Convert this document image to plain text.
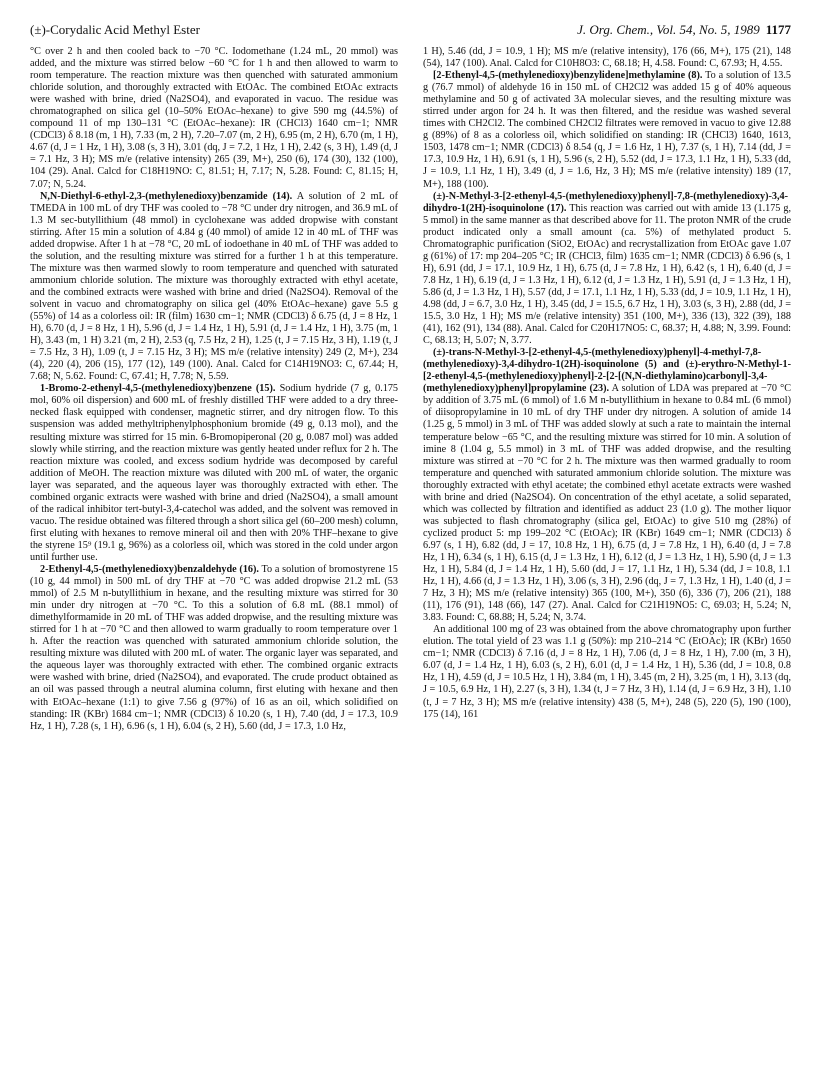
(±)-Corydalic Acid Methyl Ester	J. Org. Chem., Vol. 54, No. 5, 1989 1177

°C over 2 h and then cooled back to −70 °C. Iodomethane (1.24 mL, 20 mmol) was added, and the mixture was stirred below −60 °C for 1 h and then allowed to warm to room temperature. The reaction mixture was then quenched with saturated ammonium chloride solution, and thoroughly extracted with EtOAc. The combined EtOAc extracts were washed with brine, dried (Na2SO4), and evaporated in vacuo. The residue was chromatographed on silica gel (10–50% EtOAc–hexane) to give 590 mg (44.5%) of compound 11 of mp 130–131 °C (EtOAc–hexane): IR (CHCl3) 1640 cm−1; NMR (CDCl3) δ 8.18 (m, 1 H), 7.33 (m, 2 H), 7.20–7.07 (m, 2 H), 6.95 (m, 2 H), 6.70 (m, 1 H), 4.67 (d, J = 1 Hz, 1 H), 3.08 (s, 3 H), 3.01 (dq, J = 7.2, 1 Hz, 1 H), 2.42 (s, 3 H), 1.49 (d, J = 7.1 Hz, 3 H); MS m/e (relative intensity) 265 (39, M+), 250 (6), 174 (30), 132 (100), 104 (29). Anal. Calcd for C18H19NO: C, 81.51; H, 7.17; N, 5.28. Found: C, 81.15; H, 7.07; N, 5.24.

N,N-Diethyl-6-ethyl-2,3-(methylenedioxy)benzamide (14). A solution of 2 mL of TMEDA in 100 mL of dry THF was cooled to −78 °C under dry nitrogen, and 36.9 mL of 1.3 M sec-butyllithium (48 mmol) in cyclohexane was added dropwise with constant stirring. After 15 min a solution of 4.84 g (40 mmol) of amide 12 in 40 mL of THF was added dropwise. After 1 h at −78 °C, 20 mL of iodoethane in 40 mL of THF was added to the solution, and the resulting mixture was stirred for a further 1 h at this temperature. The mixture was then warmed slowly to room temperature and quenched with saturated ammonium chloride solution. The mixture was thoroughly extracted with ethyl acetate, and the combined extracts were washed with brine and dried (Na2SO4). Removal of the solvent in vacuo and chromatography on silica gel (40% EtOAc–hexane) gave 5.5 g (55%) of 14 as a colorless oil: IR (film) 1630 cm−1; NMR (CDCl3) δ 6.75 (d, J = 8 Hz, 1 H), 6.70 (d, J = 8 Hz, 1 H), 5.96 (d, J = 1.4 Hz, 1 H), 5.91 (d, J = 1.4 Hz, 1 H), 3.75 (m, 1 H), 3.43 (m, 1 H) 3.21 (m, 2 H), 2.53 (q, 7.5 Hz, 2 H), 1.25 (t, J = 7.15 Hz, 3 H), 1.19 (t, J = 7.5 Hz, 3 H), 1.09 (t, J = 7.15 Hz, 3 H); MS m/e (relative intensity) 249 (2, M+), 234 (4), 220 (4), 206 (15), 177 (12), 149 (100). Anal. Calcd for C14H19NO3: C, 67.44; H, 7.68; N, 5.62. Found: C, 67.41; H, 7.78; N, 5.59.

1-Bromo-2-ethenyl-4,5-(methylenedioxy)benzene (15). Sodium hydride (7 g, 0.175 mol, 60% oil dispersion) and 600 mL of freshly distilled THF were added to a dry three-necked flask equipped with condenser, magnetic stirrer, and dry nitrogen flow. To this suspension was added methyltriphenylphosphonium bromide (49 g, 0.13 mol), and the resulting mixture was stirred for 15 min. 6-Bromopiperonal (20 g, 0.087 mol) was added slowly while stirring, and the reaction mixture was gently heated under reflux for 2 h. The reaction mixture was cooled, and excess sodium hydride was decomposed by careful addition of MeOH. The reaction mixture was diluted with 200 mL of water, the organic layer was separated, and the aqueous layer was thoroughly extracted with ether. The combined organic extracts were washed with brine and dried (Na2SO4), a small amount of the radical inhibitor tert-butyl-3,4-catechol was added, and the solvent was removed in vacuo. The residue obtained was filtered through a short silica gel (60–200 mesh) column, first eluting with hexanes to remove mineral oil and then with 20% THF–hexane to give the styrene 15⁹ (19.1 g, 96%) as a colorless oil, which was stored in the cold under argon until further use.

2-Ethenyl-4,5-(methylenedioxy)benzaldehyde (16). To a solution of bromostyrene 15 (10 g, 44 mmol) in 500 mL of dry THF at −70 °C was added dropwise 21.2 mL (53 mmol) of 2.5 M n-butyllithium in hexane, and the resulting mixture was stirred for 30 min under dry nitrogen at −70 °C. To this a solution of 6.8 mL (88.1 mmol) of dimethylformamide in 20 mL of THF was added dropwise, and the resulting mixture was stirred for 1 h at −70 °C and then allowed to warm gradually to room temperature over 1 h. After the reaction was quenched with saturated ammonium chloride solution, the resulting mixture was diluted with 200 mL of water. The organic layer was separated, and the aqueous layer was thoroughly extracted with ether. The combined organic extracts were washed with brine, dried (Na2SO4), and evaporated. The crude product obtained as an oil was passed through a neutral alumina column, first eluting with hexane and then with EtOAc–hexane (1:1) to give 7.56 g (97%) of 16 as an oil, which solidified on standing: IR (KBr) 1684 cm−1; NMR (CDCl3) δ 10.20 (s, 1 H), 7.40 (dd, J = 17.3, 10.9 Hz, 1 H), 7.28 (s, 1 H), 6.96 (s, 1 H), 6.04 (s, 2 H), 5.60 (dd, J = 17.3, 1.0 Hz,

1 H), 5.46 (dd, J = 10.9, 1 H); MS m/e (relative intensity), 176 (66, M+), 175 (21), 148 (54), 147 (100). Anal. Calcd for C10H8O3: C, 68.18; H, 4.58. Found: C, 67.93; H, 4.55.

[2-Ethenyl-4,5-(methylenedioxy)benzylidene]methylamine (8). To a solution of 13.5 g (76.7 mmol) of aldehyde 16 in 150 mL of CH2Cl2 was added 15 g of 40% aqueous methylamine and 50 g of activated 3A molecular sieves, and the resulting mixture was stirred under argon for 24 h. It was then filtered, and the residue was washed several times with CH2Cl2. The combined CH2Cl2 filtrates were removed in vacuo to give 12.88 g (89%) of 8 as a colorless oil, which solidified on standing: IR (CHCl3) 1640, 1613, 1503, 1478 cm−1; NMR (CDCl3) δ 8.54 (q, J = 1.6 Hz, 1 H), 7.37 (s, 1 H), 7.14 (dd, J = 17.3, 10.9 Hz, 1 H), 6.91 (s, 1 H), 5.96 (s, 2 H), 5.52 (dd, J = 17.3, 1.1 Hz, 1 H), 5.33 (dd, J = 10.9, 1.1 Hz, 1 H), 3.49 (d, J = 1.6, Hz, 3 H); MS m/e (relative intensity) 189 (17, M+), 188 (100).

(±)-N-Methyl-3-[2-ethenyl-4,5-(methylenedioxy)phenyl]-7,8-(methylenedioxy)-3,4-dihydro-1(2H)-isoquinolone (17). This reaction was carried out with amide 13 (1.175 g, 5 mmol) in the same manner as that described above for 11. The proton NMR of the crude product indicated only a small amount (ca. 5%) of methylated product 5. Chromatographic purification (SiO2, EtOAc) and recrystallization from EtOAc gave 1.07 g (61%) of 17: mp 204–205 °C; IR (CHCl3, film) 1635 cm−1; NMR (CDCl3) δ 6.96 (s, 1 H), 6.91 (dd, J = 17.1, 10.9 Hz, 1 H), 6.75 (d, J = 7.8 Hz, 1 H), 6.42 (s, 1 H), 6.40 (d, J = 7.8 Hz, 1 H), 6.19 (d, J = 1.3 Hz, 1 H), 6.12 (d, J = 1.3 Hz, 1 H), 5.91 (d, J = 1.3 Hz, 1 H), 5.86 (d, J = 1.3 Hz, 1 H), 5.57 (dd, J = 17.1, 1.1 Hz, 1 H), 5.33 (dd, J = 10.9, 1.1 Hz, 1 H), 4.98 (dd, J = 6.7, 3.0 Hz, 1 H), 3.45 (dd, J = 15.5, 6.7 Hz, 1 H), 3.03 (s, 3 H), 2.88 (dd, J = 15.5, 3.0 Hz, 1 H); MS m/e (relative intensity) 351 (100, M+), 336 (13), 322 (39), 188 (41), 162 (91), 134 (88). Anal. Calcd for C20H17NO5: C, 68.37; H, 4.88; N, 3.99. Found: C, 68.13; H, 5.07; N, 3.77.

(±)-trans-N-Methyl-3-[2-ethenyl-4,5-(methylenedioxy)phenyl]-4-methyl-7,8-(methylenedioxy)-3,4-dihydro-1(2H)-isoquinolone (5) and (±)-erythro-N-Methyl-1-[2-ethenyl-4,5-(methylenedioxy)phenyl]-2-[2-[(N,N-diethylamino)carbonyl]-3,4-(methylenedioxy)phenyl]propylamine (23). A solution of LDA was prepared at −70 °C by addition of 3.75 mL (6 mmol) of 1.6 M n-butyllithium in hexane to 0.84 mL (6 mmol) of diisopropylamine in 10 mL of dry THF under dry nitrogen. A solution of amide 14 (1.25 g, 5 mmol) in 3 mL of THF was added slowly at such a rate to maintain the internal temperature below −65 °C, and the resulting mixture was stirred for 10 min. A solution of imine 8 (1.04 g, 5.5 mmol) in 3 mL of THF was added dropwise, and the resulting mixture was stirred at −70 °C for 2 h. The mixture was then warmed gradually to room temperature and quenched with saturated ammonium chloride solution. The mixture was thoroughly extracted with ethyl acetate; the combined ethyl acetate extracts were washed with brine and dried (Na2SO4). On concentration of the ethyl acetate, a solid separated, which was collected by filtration and identified as adduct 23 (1.0 g). The mother liquor was subjected to flash chromatography (silica gel, EtOAc) to give 510 mg (28%) of cyclized product 5: mp 199–202 °C (EtOAc); IR (KBr) 1649 cm−1; NMR (CDCl3) δ 6.97 (s, 1 H), 6.82 (dd, J = 17, 10.8 Hz, 1 H), 6.75 (d, J = 7.8 Hz, 1 H), 6.40 (d, J = 7.8 Hz, 1 H), 6.34 (s, 1 H), 6.15 (d, J = 1.3 Hz, 1 H), 6.12 (d, J = 1.3 Hz, 1 H), 5.90 (d, J = 1.3 Hz, 1 H), 5.84 (d, J = 1.4 Hz, 1 H), 5.60 (dd, J = 17, 1.1 Hz, 1 H), 5.34 (dd, J = 10.8, 1.1 Hz, 1 H), 4.66 (d, J = 1.3 Hz, 1 H), 3.06 (s, 3 H), 2.96 (dq, J = 7, 1.3 Hz, 1 H), 1.40 (d, J = 7 Hz, 3 H); MS m/e (relative intensity) 365 (100, M+), 350 (6), 336 (7), 206 (21), 188 (11), 176 (91), 148 (66), 147 (27). Anal. Calcd for C21H19NO5: C, 69.03; H, 5.24; N, 3.83. Found: C, 68.88; H, 5.24; N, 3.74.

An additional 100 mg of 23 was obtained from the above chromatography upon further elution. The total yield of 23 was 1.1 g (50%): mp 210–214 °C (EtOAc); IR (KBr) 1650 cm−1; NMR (CDCl3) δ 7.16 (d, J = 8 Hz, 1 H), 7.06 (d, J = 8 Hz, 1 H), 7.00 (m, 3 H), 6.07 (d, J = 1.4 Hz, 1 H), 6.03 (s, 2 H), 6.01 (d, J = 1.4 Hz, 1 H), 5.36 (dd, J = 10.8, 0.8 Hz, 1 H), 4.59 (d, J = 10.5 Hz, 1 H), 3.84 (m, 1 H), 3.45 (m, 2 H), 3.25 (m, 1 H), 3.13 (dq, J = 10.5, 6.9 Hz, 1 H), 2.27 (s, 3 H), 1.34 (t, J = 7 Hz, 3 H), 1.14 (d, J = 6.9 Hz, 3 H), 1.10 (t, J = 7 Hz, 3 H); MS m/e (relative intensity) 438 (5, M+), 248 (5), 220 (5), 190 (100), 175 (14), 161
